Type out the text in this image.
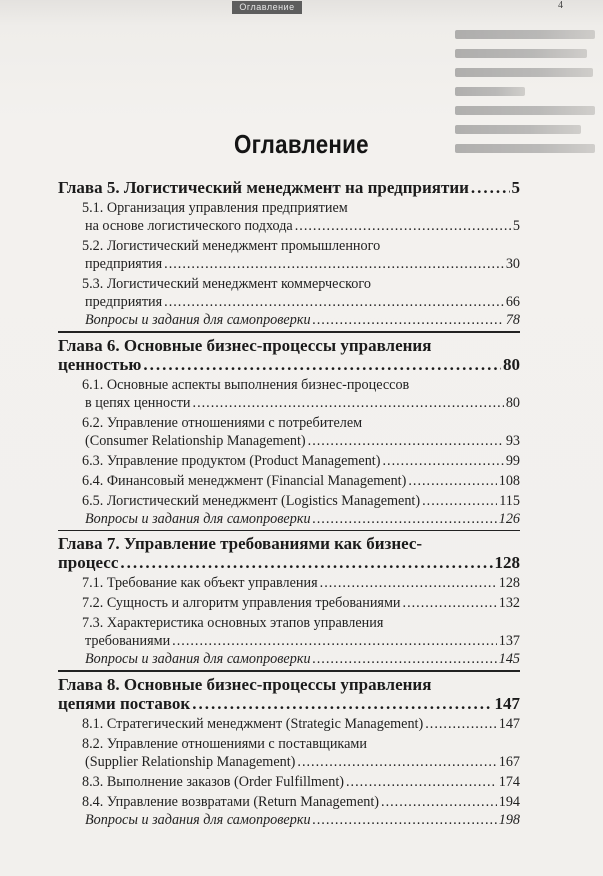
Оглавление	4
Оглавление
Глава 5. Логистический менеджмент на предприятии .....	5
5.1. Организация управления предприятием
на основе логистического подхода .....	5
5.2. Логистический менеджмент промышленного
предприятия .....	30
5.3. Логистический менеджмент коммерческого
предприятия .....	66
Вопросы и задания для самопроверки .....	78
Глава 6. Основные бизнес-процессы управления
ценностью .....	80
6.1. Основные аспекты выполнения бизнес-процессов
в цепях ценности .....	80
6.2. Управление отношениями с потребителем
(Consumer Relationship Management) .....	93
6.3. Управление продуктом (Product Management) .....	99
6.4. Финансовый менеджмент (Financial Management) .....	108
6.5. Логистический менеджмент (Logistics Management) .....	115
Вопросы и задания для самопроверки .....	126
Глава 7. Управление требованиями как бизнес-
процесс .....	128
7.1. Требование как объект управления .....	128
7.2. Сущность и алгоритм управления требованиями .....	132
7.3. Характеристика основных этапов управления
требованиями .....	137
Вопросы и задания для самопроверки .....	145
Глава 8. Основные бизнес-процессы управления
цепями поставок .....	147
8.1. Стратегический менеджмент (Strategic Management) .....	147
8.2. Управление отношениями с поставщиками
(Supplier Relationship Management) .....	167
8.3. Выполнение заказов (Order Fulfillment) .....	174
8.4. Управление возвратами (Return Management) .....	194
Вопросы и задания для самопроверки .....	198
